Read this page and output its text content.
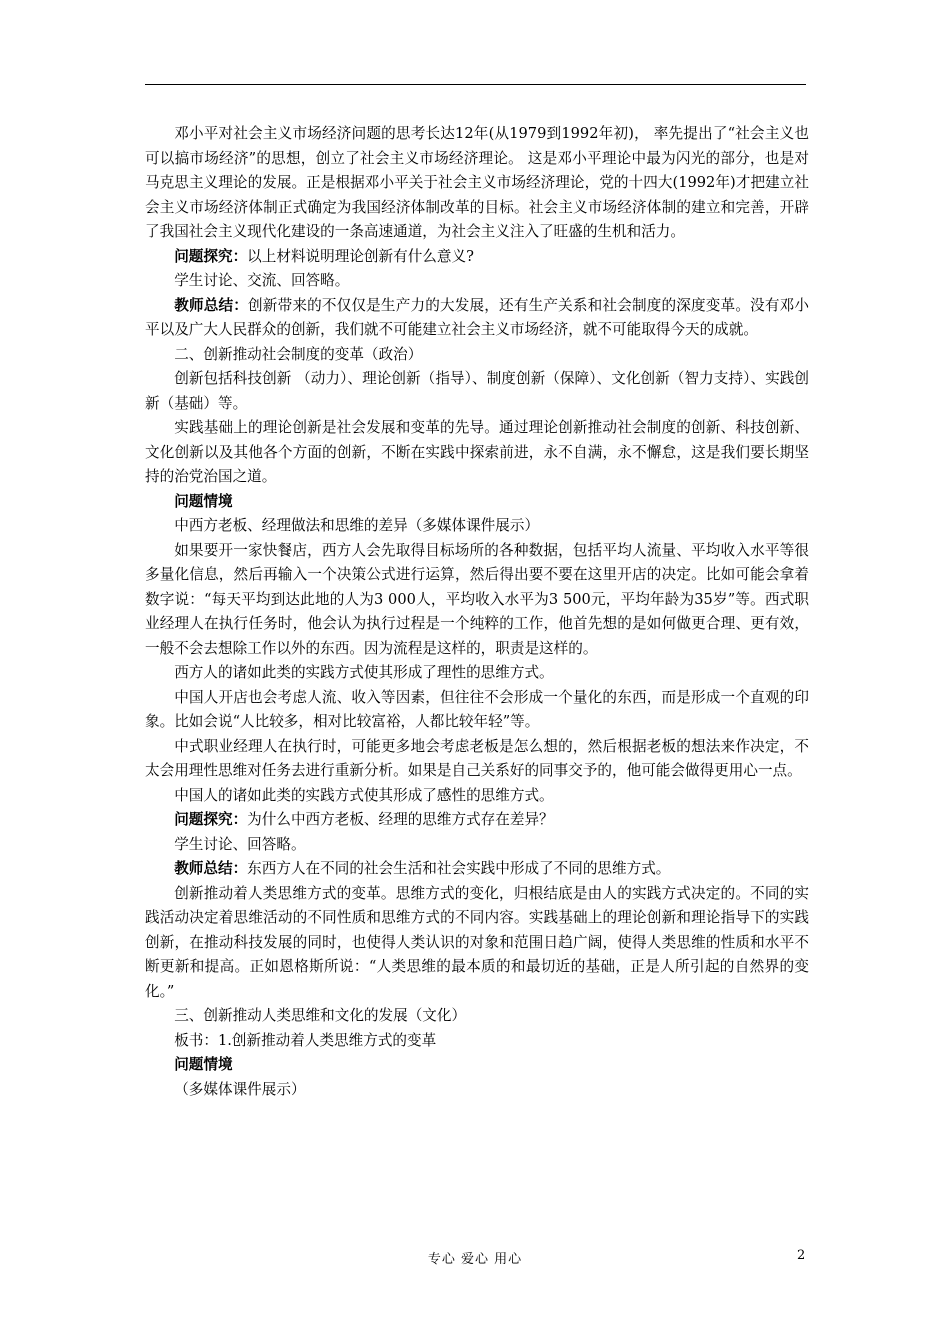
邓小平对社会主义市场经济问题的思考长达12年(从1979到1992年初)， 率先提出了“社会主义也可以搞市场经济”的思想，创立了社会主义市场经济理论。 这是邓小平理论中最为闪光的部分，也是对马克思主义理论的发展。正是根据邓小平关于社会主义市场经济理论，党的十四大(1992年)才把建立社会主义市场经济体制正式确定为我国经济体制改革的目标。社会主义市场经济体制的建立和完善，开辟了我国社会主义现代化建设的一条高速通道，为社会主义注入了旺盛的生机和活力。

问题探究：以上材料说明理论创新有什么意义?

学生讨论、交流、回答略。

教师总结：创新带来的不仅仅是生产力的大发展，还有生产关系和社会制度的深度变革。没有邓小平以及广大人民群众的创新，我们就不可能建立社会主义市场经济，就不可能取得今天的成就。

二、创新推动社会制度的变革（政治）

创新包括科技创新 （动力）、理论创新（指导）、制度创新（保障）、文化创新（智力支持）、实践创新（基础）等。

实践基础上的理论创新是社会发展和变革的先导。通过理论创新推动社会制度的创新、科技创新、文化创新以及其他各个方面的创新，不断在实践中探索前进，永不自满，永不懈怠，这是我们要长期坚持的治党治国之道。

问题情境

中西方老板、经理做法和思维的差异（多媒体课件展示）

如果要开一家快餐店，西方人会先取得目标场所的各种数据，包括平均人流量、平均收入水平等很多量化信息，然后再输入一个决策公式进行运算，然后得出要不要在这里开店的决定。比如可能会拿着数字说：“每天平均到达此地的人为3 000人，平均收入水平为3 500元，平均年龄为35岁”等。西式职业经理人在执行任务时，他会认为执行过程是一个纯粹的工作，他首先想的是如何做更合理、更有效，一般不会去想除工作以外的东西。因为流程是这样的，职责是这样的。

西方人的诸如此类的实践方式使其形成了理性的思维方式。

中国人开店也会考虑人流、收入等因素，但往往不会形成一个量化的东西，而是形成一个直观的印象。比如会说“人比较多，相对比较富裕，人都比较年轻”等。

中式职业经理人在执行时，可能更多地会考虑老板是怎么想的，然后根据老板的想法来作决定，不太会用理性思维对任务去进行重新分析。如果是自己关系好的同事交予的，他可能会做得更用心一点。

中国人的诸如此类的实践方式使其形成了感性的思维方式。

问题探究：为什么中西方老板、经理的思维方式存在差异？

学生讨论、回答略。

教师总结：东西方人在不同的社会生活和社会实践中形成了不同的思维方式。

创新推动着人类思维方式的变革。思维方式的变化，归根结底是由人的实践方式决定的。不同的实践活动决定着思维活动的不同性质和思维方式的不同内容。实践基础上的理论创新和理论指导下的实践创新，在推动科技发展的同时，也使得人类认识的对象和范围日趋广阔，使得人类思维的性质和水平不断更新和提高。正如恩格斯所说：“人类思维的最本质的和最切近的基础，正是人所引起的自然界的变化。”

三、创新推动人类思维和文化的发展（文化）

板书：1.创新推动着人类思维方式的变革

问题情境

（多媒体课件展示）

专心 爱心 用心	2
